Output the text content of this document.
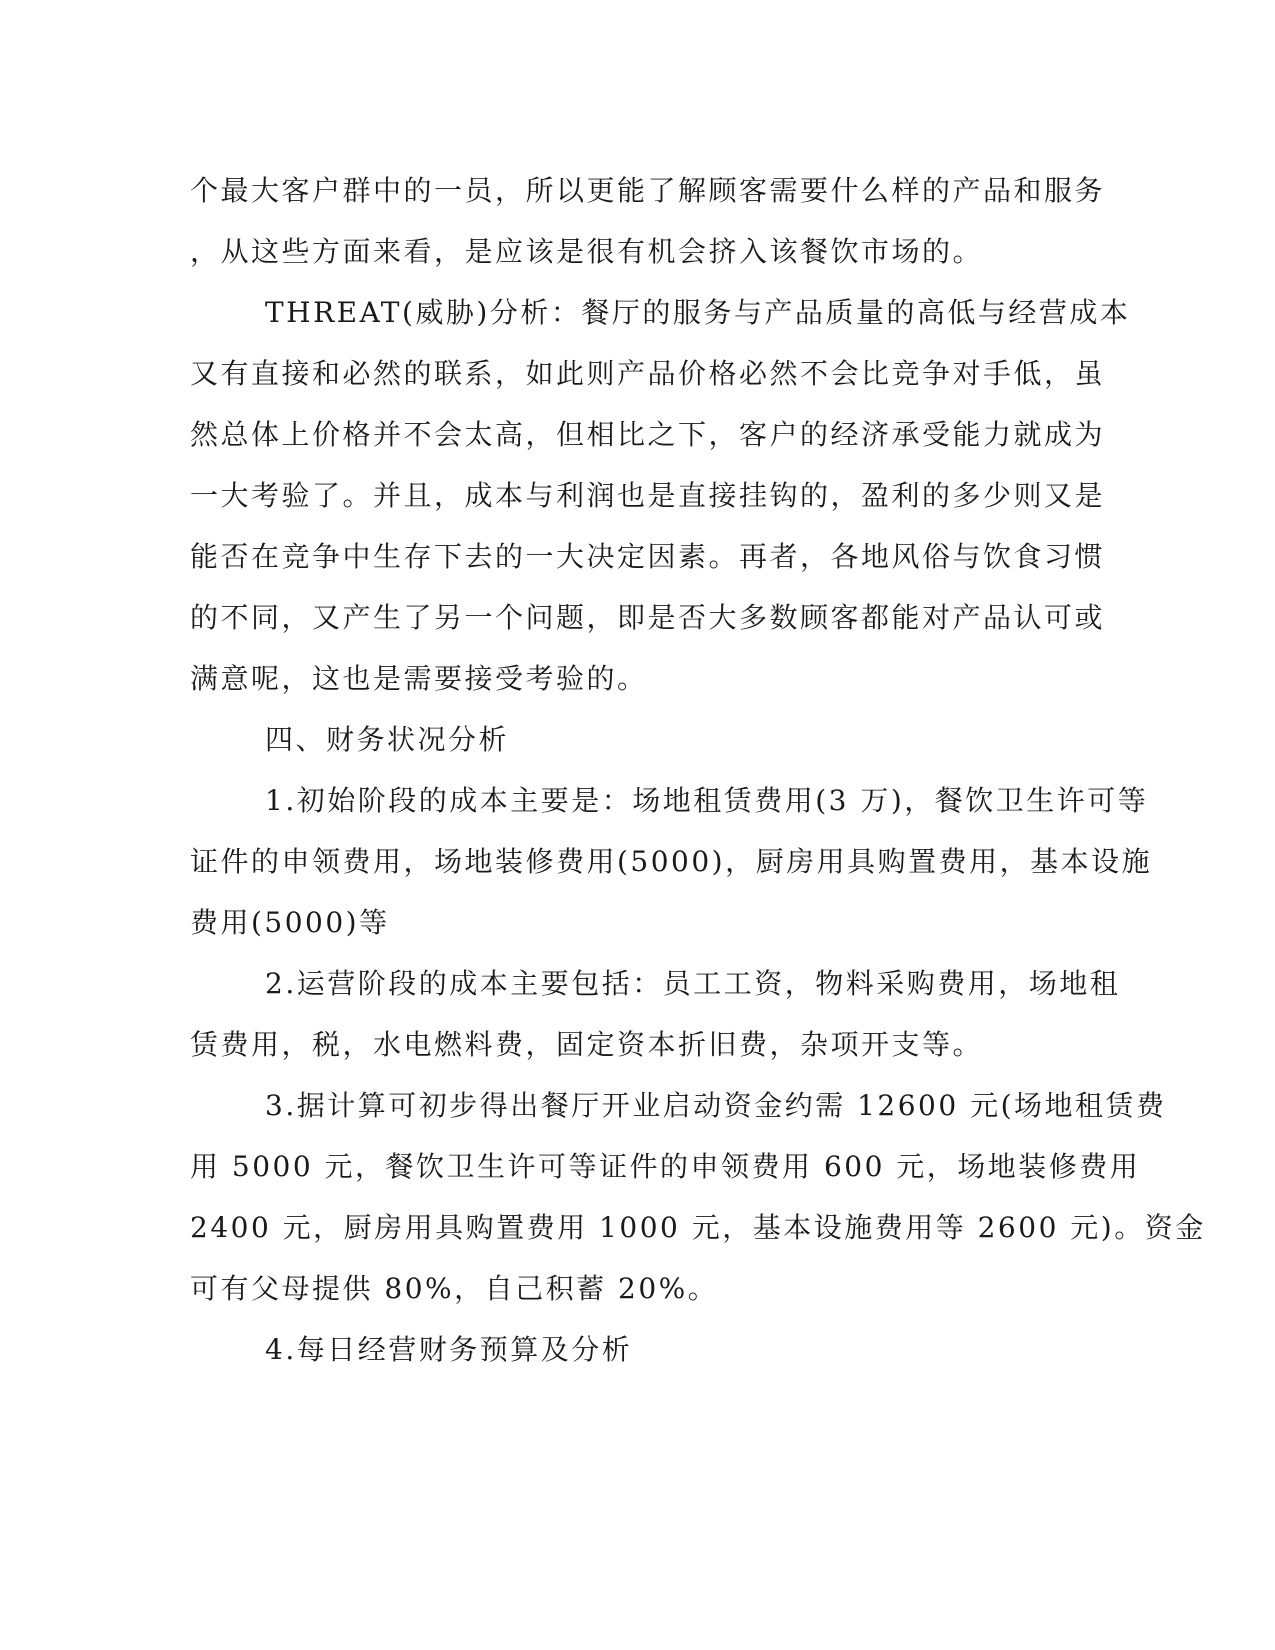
个最大客户群中的一员，所以更能了解顾客需要什么样的产品和服务
，从这些方面来看，是应该是很有机会挤入该餐饮市场的。
THREAT(威胁)分析：餐厅的服务与产品质量的高低与经营成本
又有直接和必然的联系，如此则产品价格必然不会比竞争对手低，虽
然总体上价格并不会太高，但相比之下，客户的经济承受能力就成为
一大考验了。并且，成本与利润也是直接挂钩的，盈利的多少则又是
能否在竞争中生存下去的一大决定因素。再者，各地风俗与饮食习惯
的不同，又产生了另一个问题，即是否大多数顾客都能对产品认可或
满意呢，这也是需要接受考验的。
四、财务状况分析
1.初始阶段的成本主要是：场地租赁费用(3 万)，餐饮卫生许可等
证件的申领费用，场地装修费用(5000)，厨房用具购置费用，基本设施
费用(5000)等
2.运营阶段的成本主要包括：员工工资，物料采购费用，场地租
赁费用，税，水电燃料费，固定资本折旧费，杂项开支等。
3.据计算可初步得出餐厅开业启动资金约需 12600 元(场地租赁费
用 5000 元，餐饮卫生许可等证件的申领费用 600 元，场地装修费用
2400 元，厨房用具购置费用 1000 元，基本设施费用等 2600 元)。资金
可有父母提供 80%，自己积蓄 20%。
4.每日经营财务预算及分析
